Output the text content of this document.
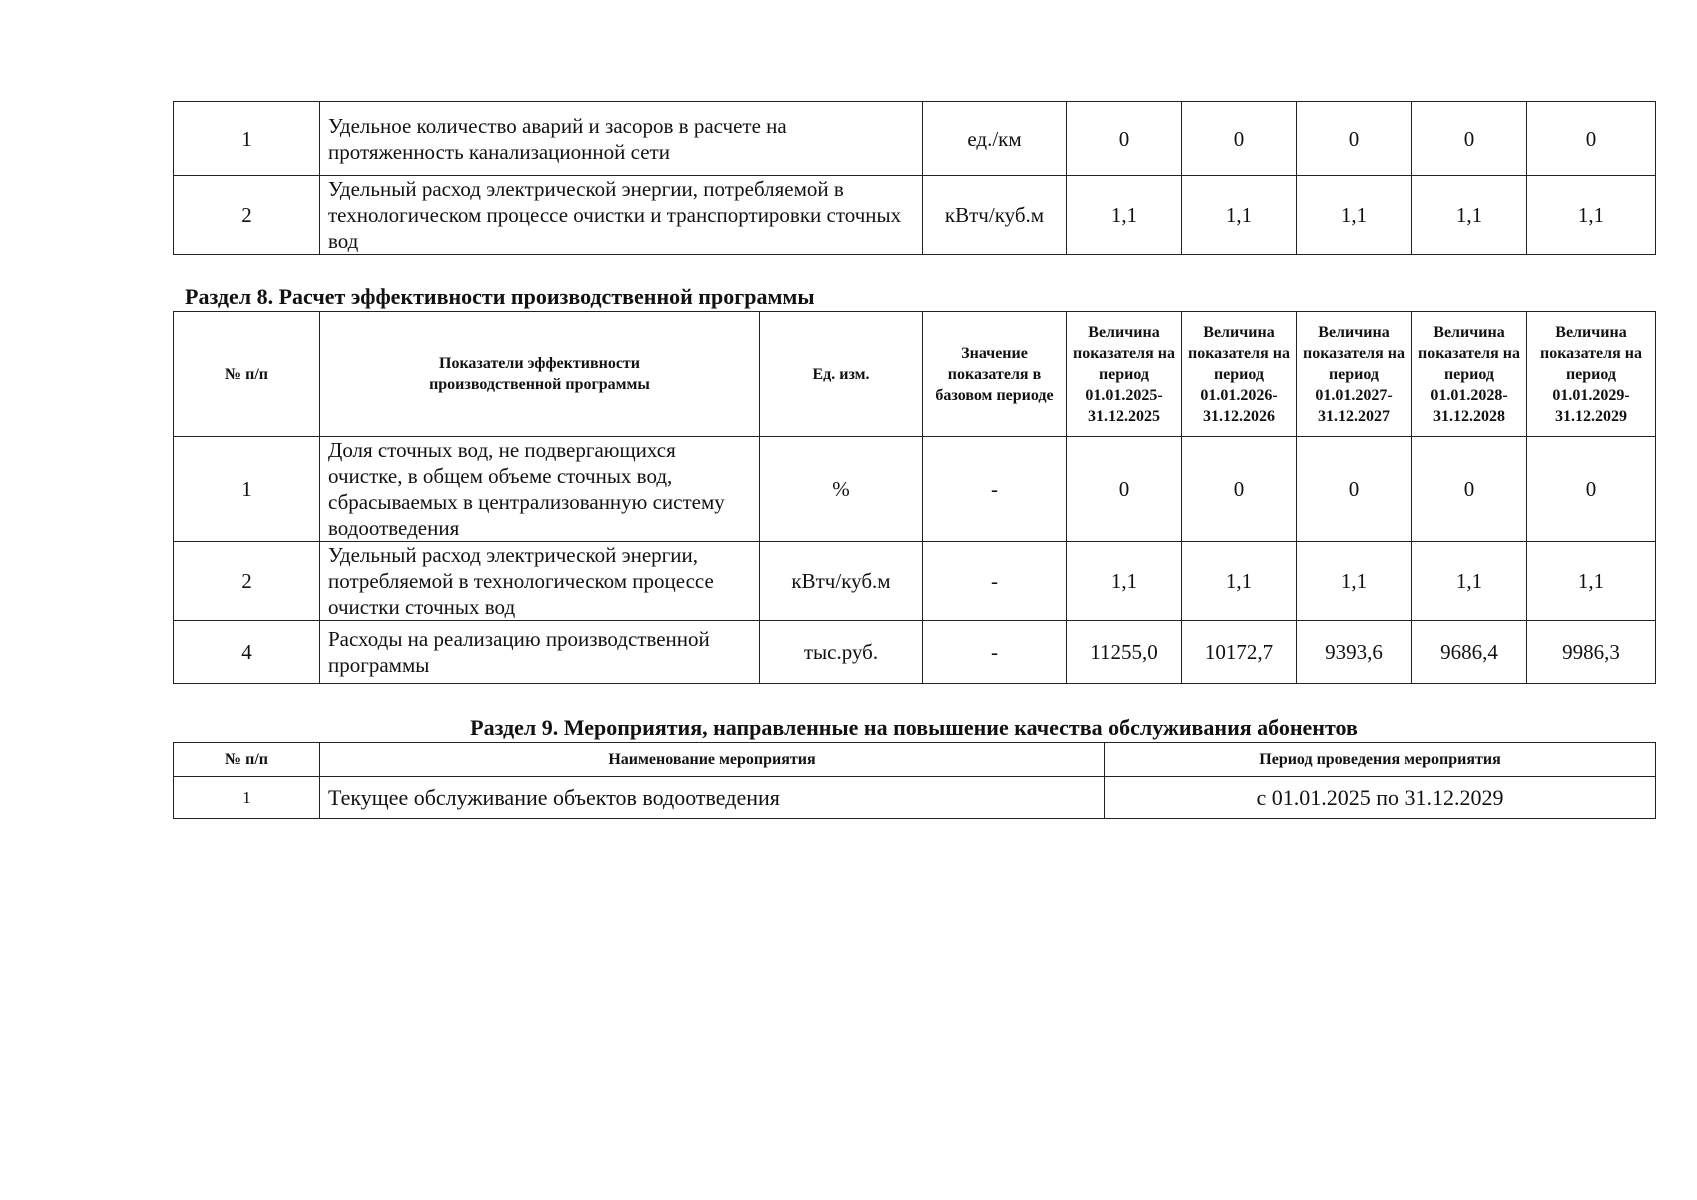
1	Удельное количество аварий и засоров в расчете на протяженность канализационной сети	ед./км	0	0	0	0	0
2	Удельный расход электрической энергии, потребляемой в технологическом процессе очистки и транспортировки сточных вод	кВтч/куб.м	1,1	1,1	1,1	1,1	1,1
Раздел 8. Расчет эффективности производственной программы
№ п/п	Показатели эффективности производственной программы	Ед. изм.	Значение показателя в базовом периоде	Величина показателя на период 01.01.2025-31.12.2025	Величина показателя на период 01.01.2026-31.12.2026	Величина показателя на период 01.01.2027-31.12.2027	Величина показателя на период 01.01.2028-31.12.2028	Величина показателя на период 01.01.2029-31.12.2029
1	Доля сточных вод, не подвергающихся очистке, в общем объеме сточных вод, сбрасываемых в централизованную систему водоотведения	%	-	0	0	0	0	0
2	Удельный расход электрической энергии, потребляемой в технологическом процессе очистки сточных вод	кВтч/куб.м	-	1,1	1,1	1,1	1,1	1,1
4	Расходы на реализацию производственной программы	тыс.руб.	-	11255,0	10172,7	9393,6	9686,4	9986,3
Раздел 9. Мероприятия, направленные на повышение качества обслуживания абонентов
№ п/п	Наименование мероприятия	Период проведения мероприятия
1	Текущее обслуживание объектов водоотведения	с 01.01.2025 по 31.12.2029
